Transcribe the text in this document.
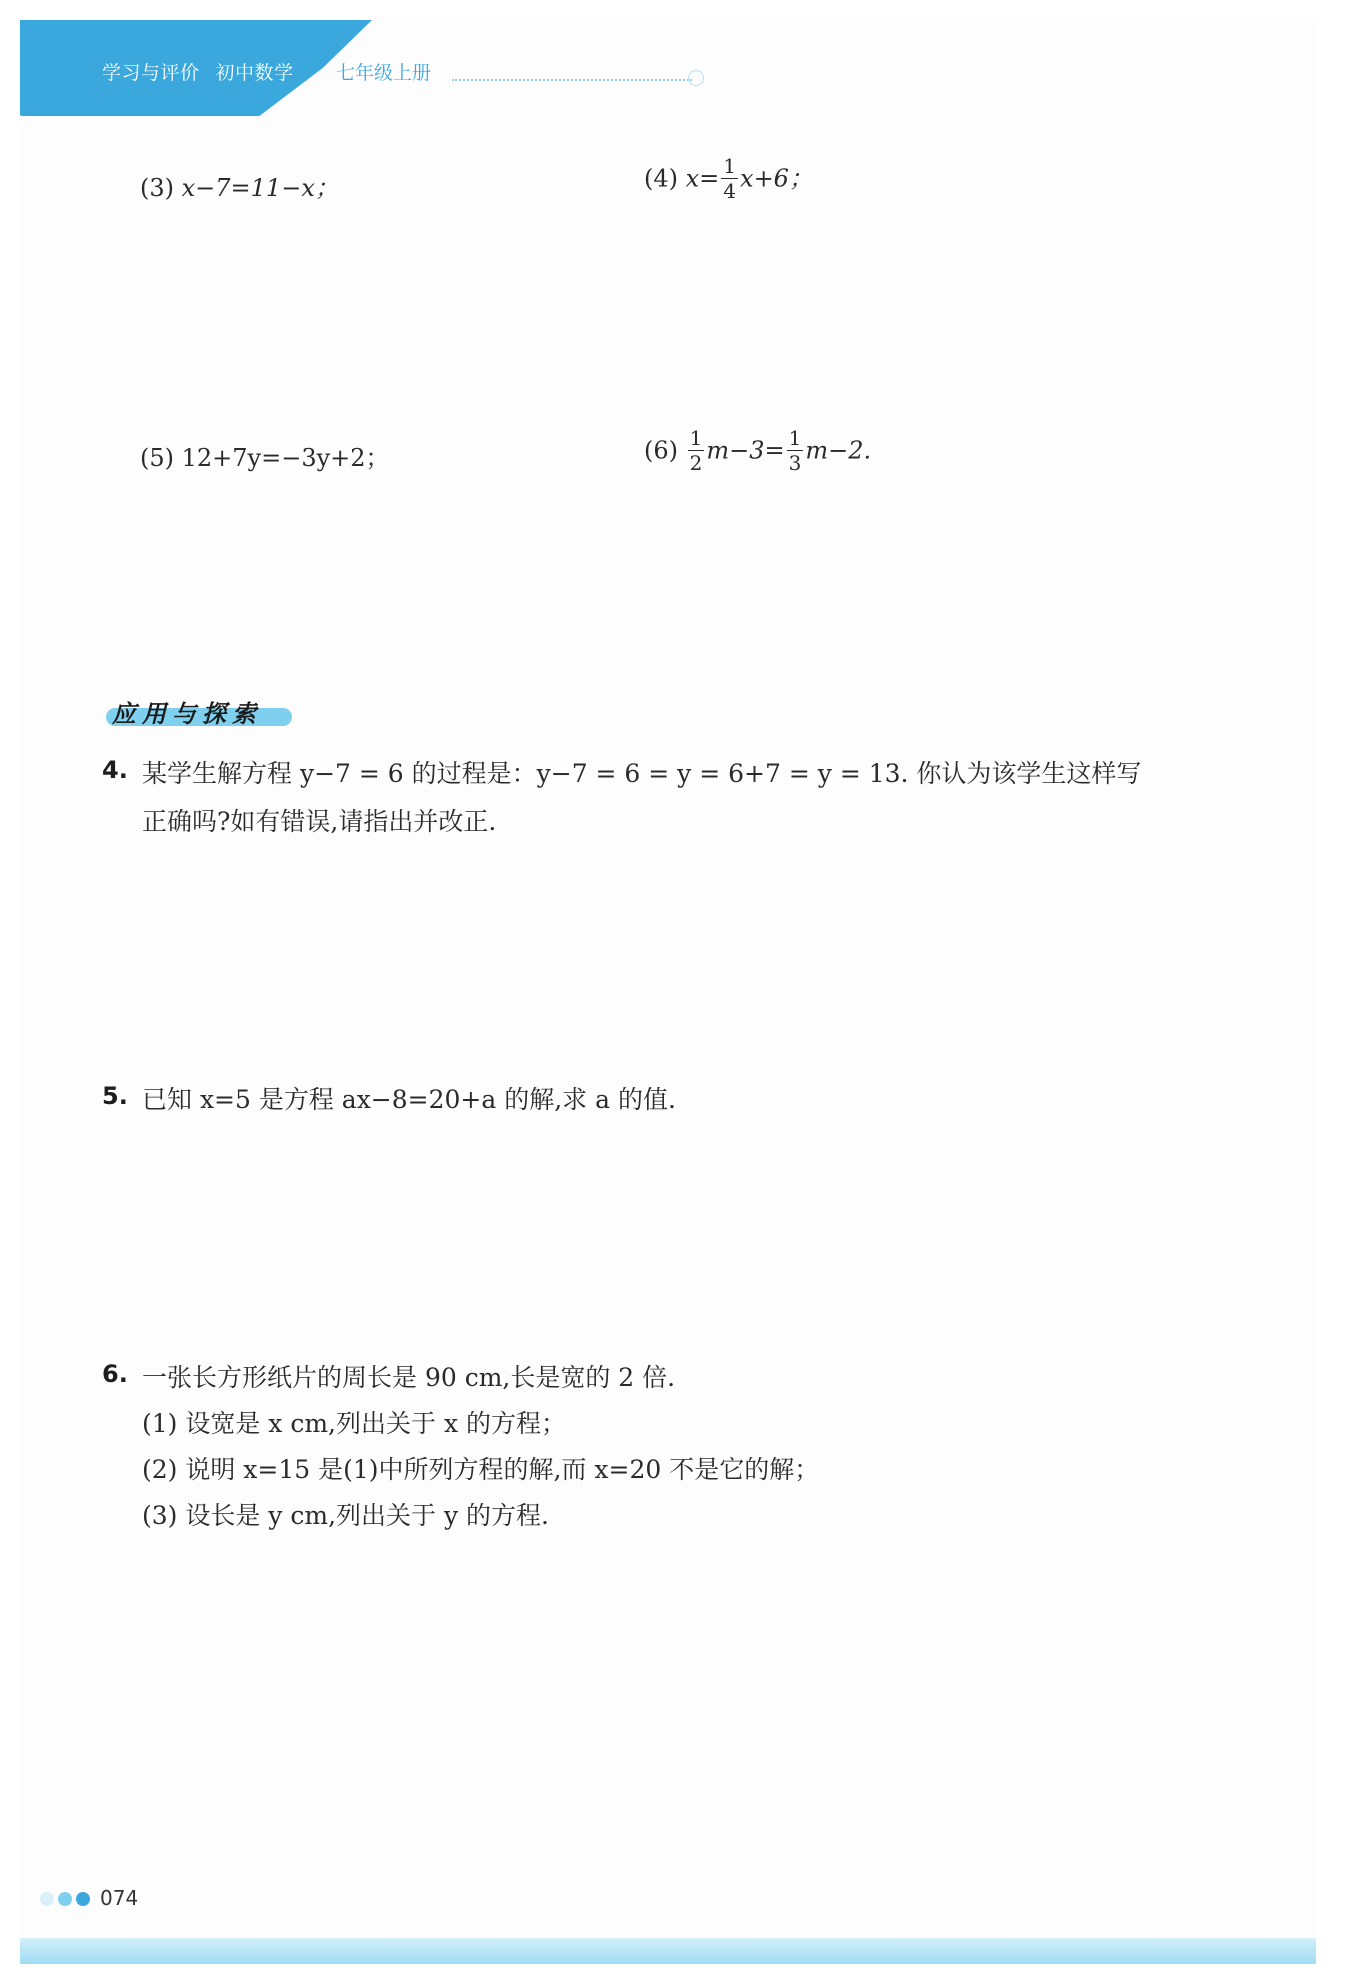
学习与评价 初中数学	七年级上册
(3) x−7=11−x；	(4) $x= \frac{1}{4} x+6$；
(5) 12+7y=−3y+2；	$(6) \frac{1}{2} m-3= \frac{1}{3} m-2$.
应用与探索
4. 某学生解方程 y−7 = 6 的过程是：y−7 = 6 = y = 6+7 = y = 13. 你认为该学生这样写
正确吗?如有错误,请指出并改正.
5. 已知 x=5 是方程 ax−8=20+a 的解,求 a 的值.
6. 一张长方形纸片的周长是 90 cm,长是宽的 2 倍.
(1) 设宽是 x cm,列出关于 x 的方程；
(2) 说明 x=15 是(1)中所列方程的解,而 x=20 不是它的解；
(3) 设长是 y cm,列出关于 y 的方程.
074
